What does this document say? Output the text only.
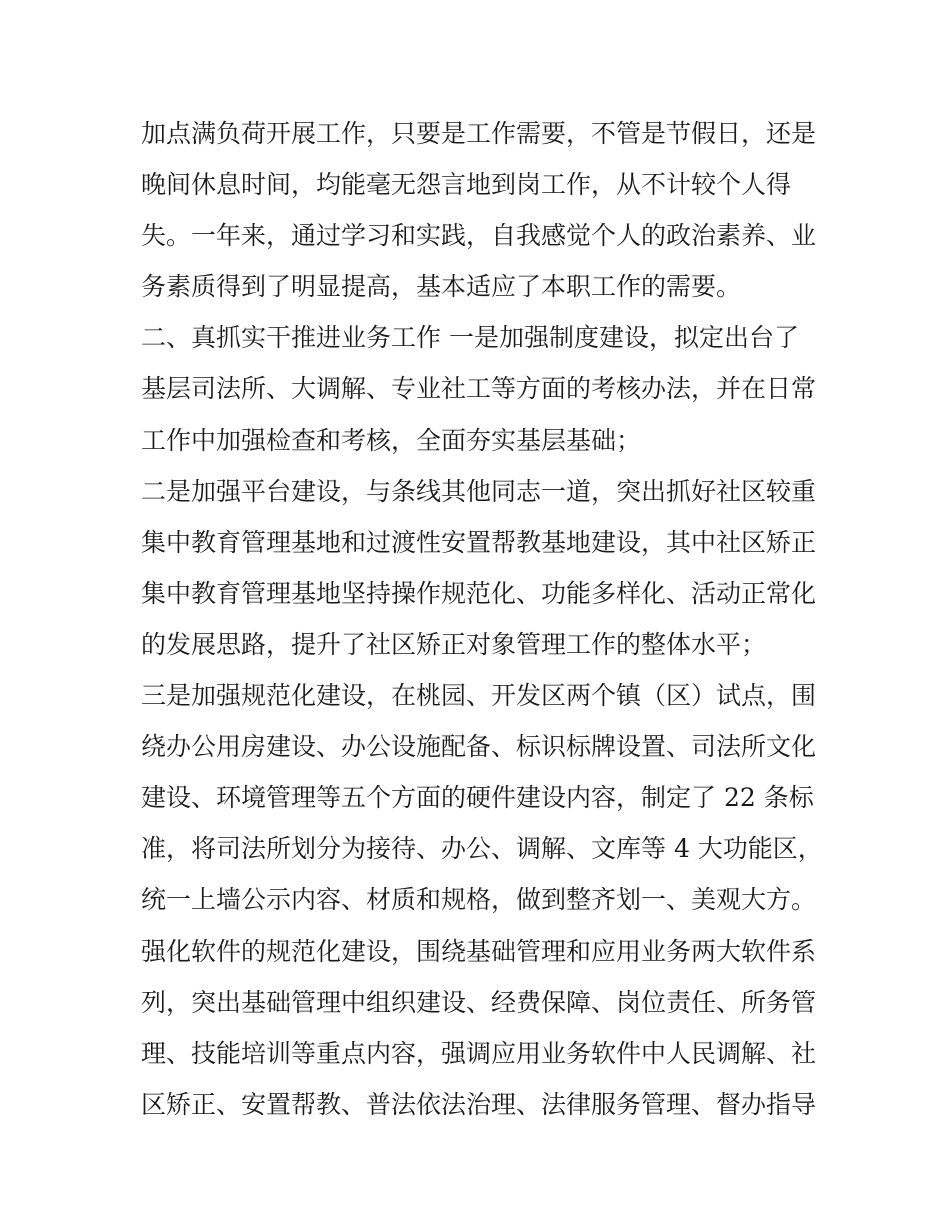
加点满负荷开展工作，只要是工作需要，不管是节假日，还是
晚间休息时间，均能毫无怨言地到岗工作，从不计较个人得
失。一年来，通过学习和实践，自我感觉个人的政治素养、业
务素质得到了明显提高，基本适应了本职工作的需要。
二、真抓实干推进业务工作 一是加强制度建设，拟定出台了
基层司法所、大调解、专业社工等方面的考核办法，并在日常
工作中加强检查和考核，全面夯实基层基础；
二是加强平台建设，与条线其他同志一道，突出抓好社区较重
集中教育管理基地和过渡性安置帮教基地建设，其中社区矫正
集中教育管理基地坚持操作规范化、功能多样化、活动正常化
的发展思路，提升了社区矫正对象管理工作的整体水平；
三是加强规范化建设，在桃园、开发区两个镇（区）试点，围
绕办公用房建设、办公设施配备、标识标牌设置、司法所文化
建设、环境管理等五个方面的硬件建设内容，制定了 22 条标
准，将司法所划分为接待、办公、调解、文库等 4 大功能区，
统一上墙公示内容、材质和规格，做到整齐划一、美观大方。
强化软件的规范化建设，围绕基础管理和应用业务两大软件系
列，突出基础管理中组织建设、经费保障、岗位责任、所务管
理、技能培训等重点内容，强调应用业务软件中人民调解、社
区矫正、安置帮教、普法依法治理、法律服务管理、督办指导
